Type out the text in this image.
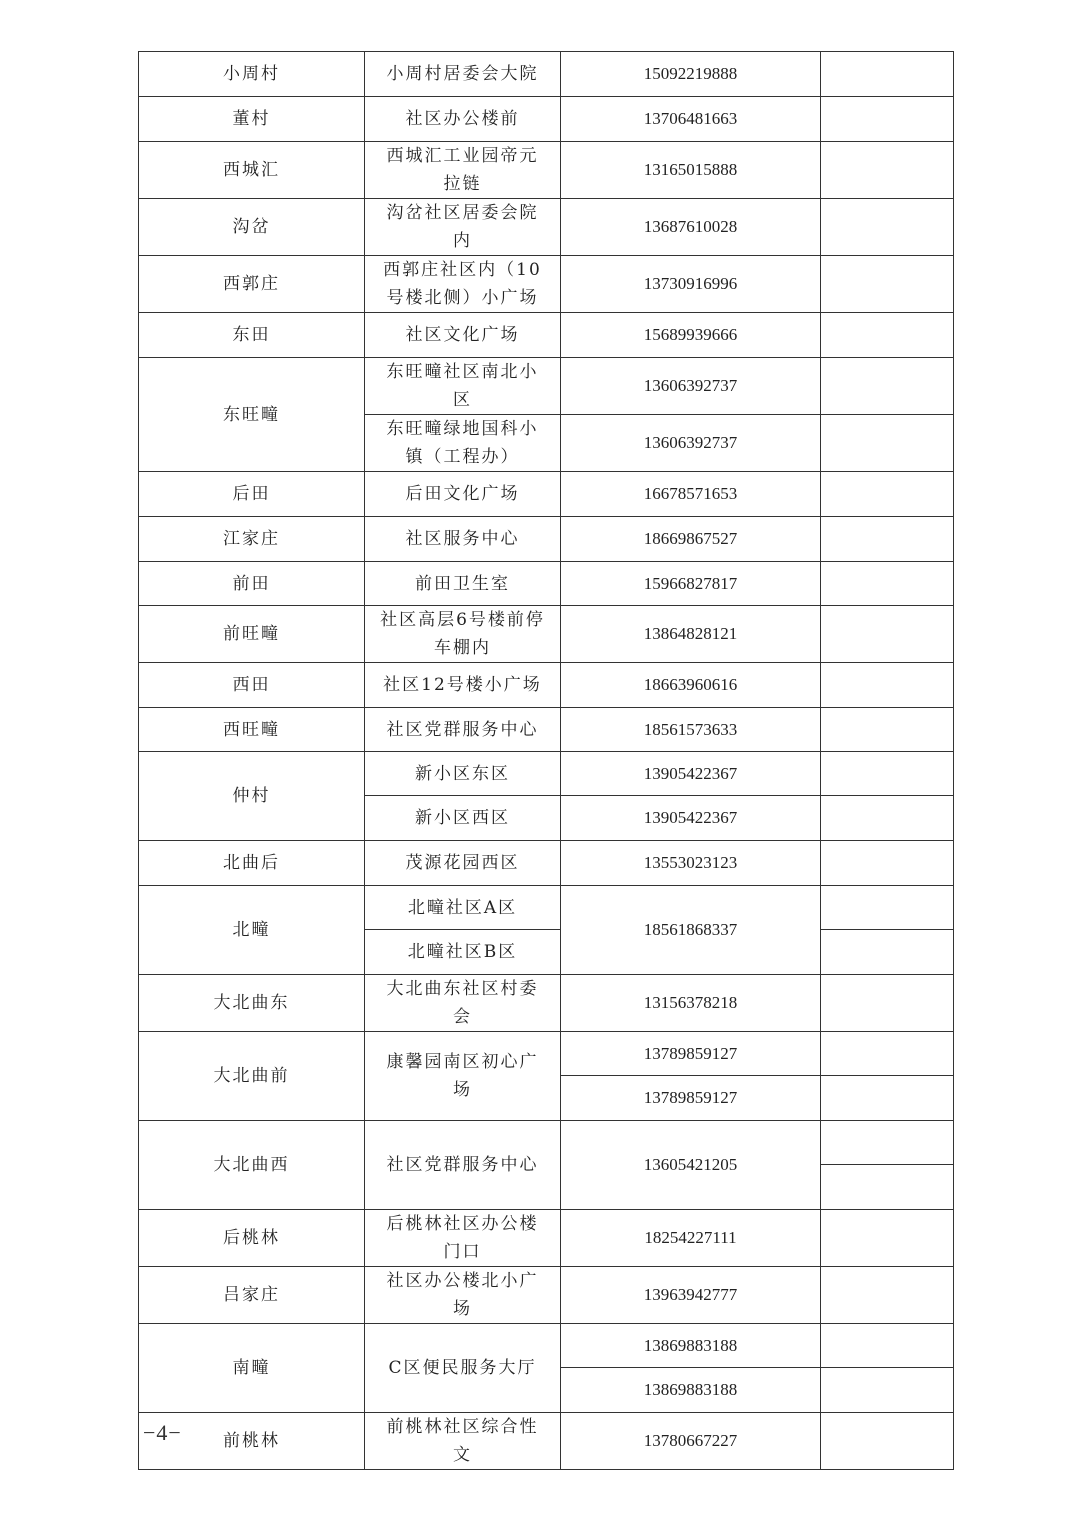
小周村	小周村居委会大院	15092219888	
董村	社区办公楼前	13706481663	
西城汇	西城汇工业园帝元拉链	13165015888	
沟岔	沟岔社区居委会院内	13687610028	
西郭庄	西郭庄社区内（10号楼北侧）小广场	13730916996	
东田	社区文化广场	15689939666	
东旺疃	东旺疃社区南北小区	13606392737	
	东旺疃绿地国科小镇（工程办）	13606392737	
后田	后田文化广场	16678571653	
江家庄	社区服务中心	18669867527	
前田	前田卫生室	15966827817	
前旺疃	社区高层6号楼前停车棚内	13864828121	
西田	社区12号楼小广场	18663960616	
西旺疃	社区党群服务中心	18561573633	
仲村	新小区东区	13905422367	
	新小区西区	13905422367	
北曲后	茂源花园西区	13553023123	
北疃	北疃社区A区	18561868337	
	北疃社区B区		
大北曲东	大北曲东社区村委会	13156378218	
大北曲前	康馨园南区初心广场	13789859127	
		13789859127	
大北曲西	社区党群服务中心	13605421205	

后桃林	后桃林社区办公楼门口	18254227111	
吕家庄	社区办公楼北小广场	13963942777	
南疃	C区便民服务大厅	13869883188	
		13869883188	
前桃林	前桃林社区综合性文	13780667227	
−4−
